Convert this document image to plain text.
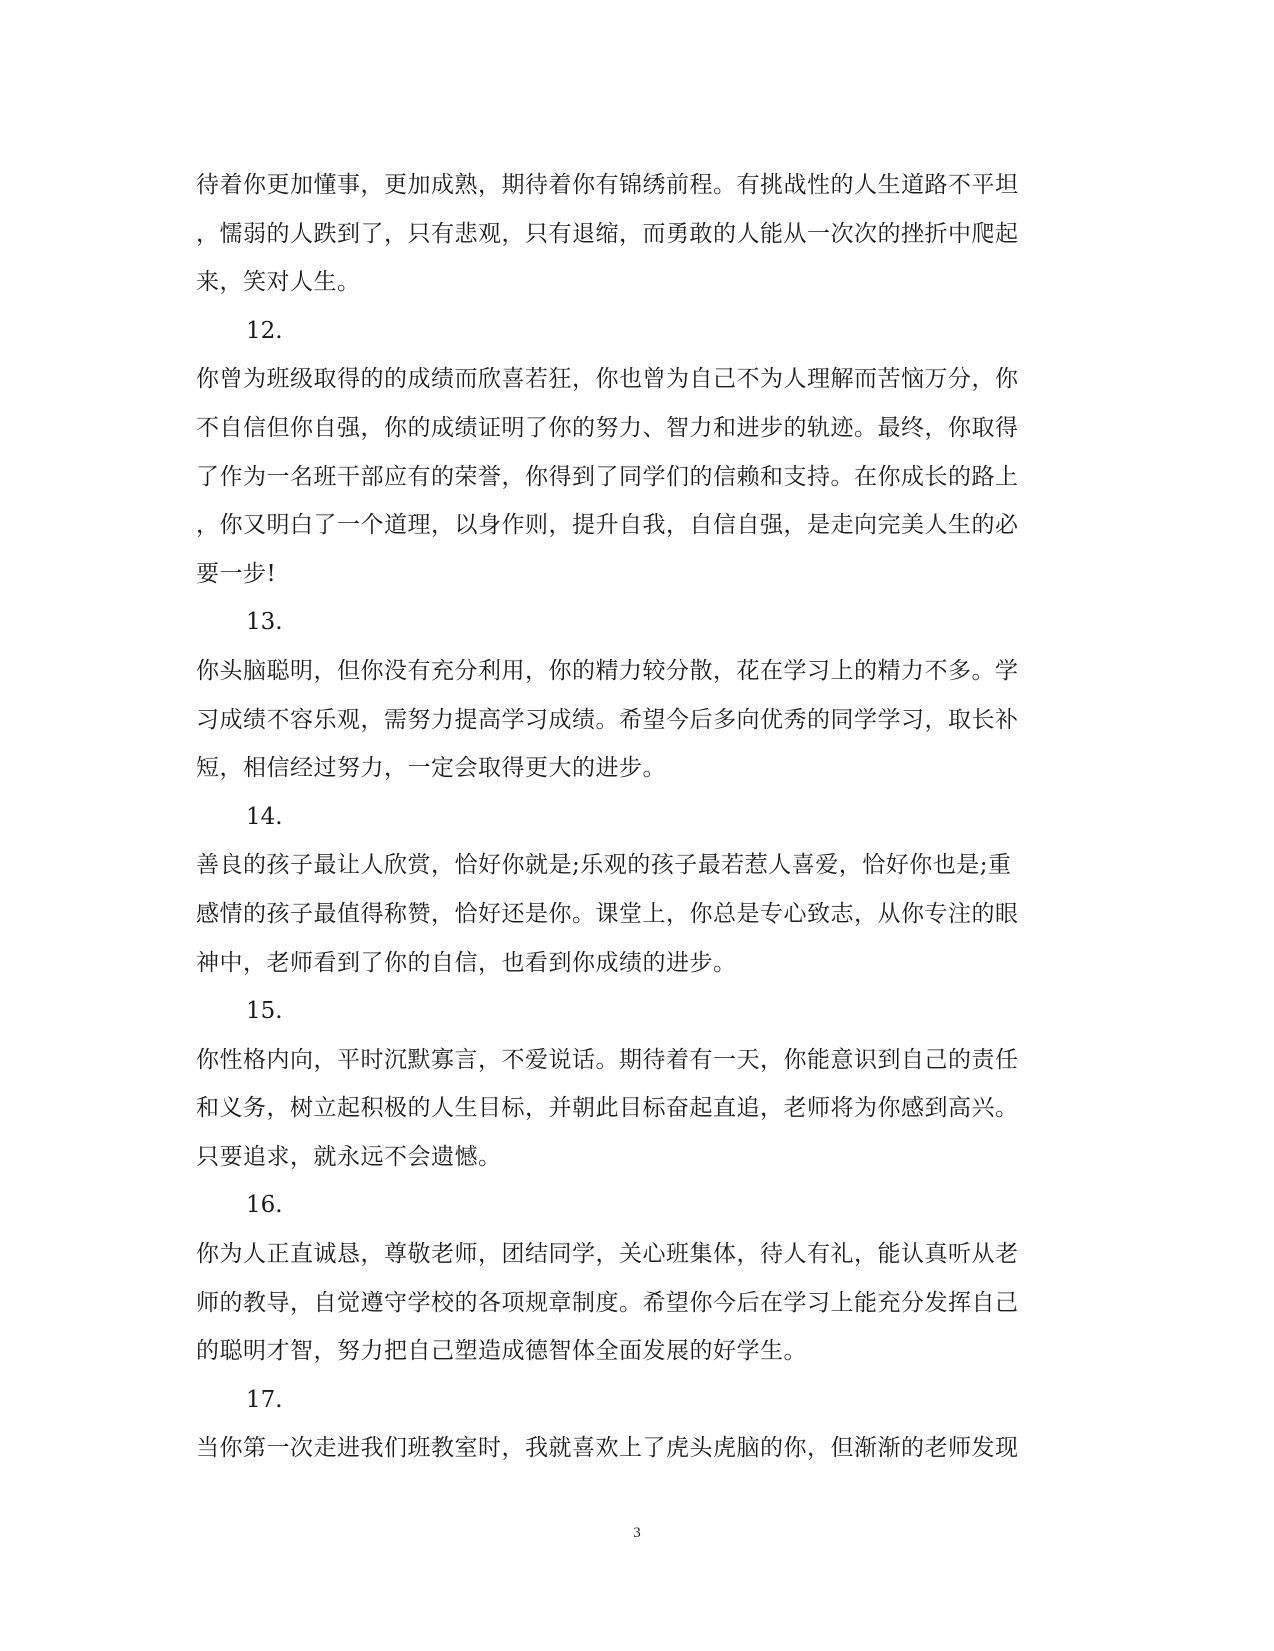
待着你更加懂事，更加成熟，期待着你有锦绣前程。有挑战性的人生道路不平坦
，懦弱的人跌到了，只有悲观，只有退缩，而勇敢的人能从一次次的挫折中爬起
来，笑对人生。
12.
你曾为班级取得的的成绩而欣喜若狂，你也曾为自己不为人理解而苦恼万分，你
不自信但你自强，你的成绩证明了你的努力、智力和进步的轨迹。最终，你取得
了作为一名班干部应有的荣誉，你得到了同学们的信赖和支持。在你成长的路上
，你又明白了一个道理，以身作则，提升自我，自信自强，是走向完美人生的必
要一步!
13.
你头脑聪明，但你没有充分利用，你的精力较分散，花在学习上的精力不多。学
习成绩不容乐观，需努力提高学习成绩。希望今后多向优秀的同学学习，取长补
短，相信经过努力，一定会取得更大的进步。
14.
善良的孩子最让人欣赏，恰好你就是;乐观的孩子最若惹人喜爱，恰好你也是;重
感情的孩子最值得称赞，恰好还是你。课堂上，你总是专心致志，从你专注的眼
神中，老师看到了你的自信，也看到你成绩的进步。
15.
你性格内向，平时沉默寡言，不爱说话。期待着有一天，你能意识到自己的责任
和义务，树立起积极的人生目标，并朝此目标奋起直追，老师将为你感到高兴。
只要追求，就永远不会遗憾。
16.
你为人正直诚恳，尊敬老师，团结同学，关心班集体，待人有礼，能认真听从老
师的教导，自觉遵守学校的各项规章制度。希望你今后在学习上能充分发挥自己
的聪明才智，努力把自己塑造成德智体全面发展的好学生。
17.
当你第一次走进我们班教室时，我就喜欢上了虎头虎脑的你，但渐渐的老师发现
3
